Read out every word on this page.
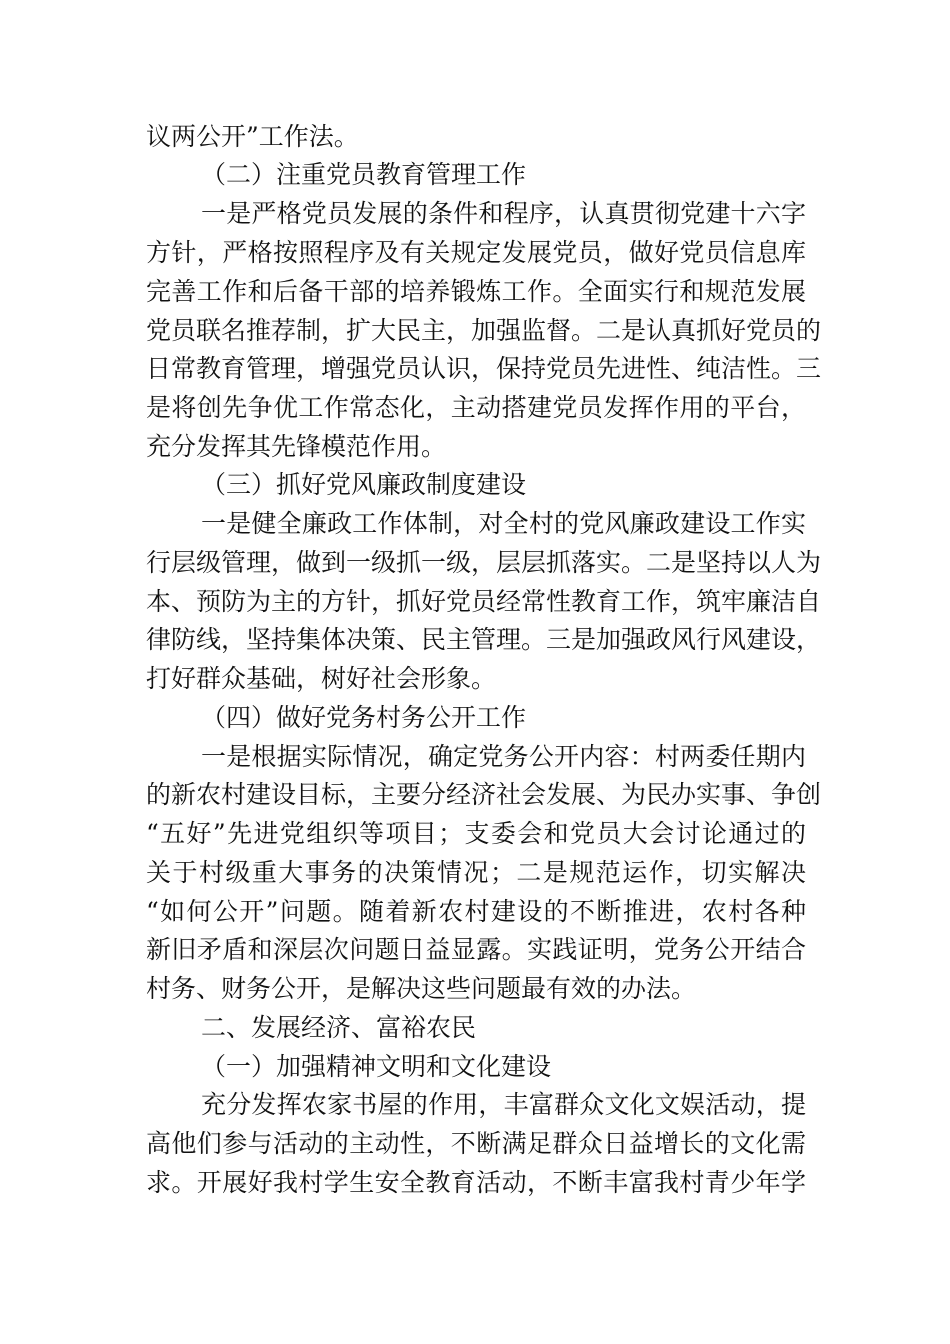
议两公开”工作法。
（二）注重党员教育管理工作
一是严格党员发展的条件和程序，认真贯彻党建十六字
方针，严格按照程序及有关规定发展党员，做好党员信息库
完善工作和后备干部的培养锻炼工作。全面实行和规范发展
党员联名推荐制，扩大民主，加强监督。二是认真抓好党员的
日常教育管理，增强党员认识，保持党员先进性、纯洁性。三
是将创先争优工作常态化，主动搭建党员发挥作用的平台，
充分发挥其先锋模范作用。
（三）抓好党风廉政制度建设
一是健全廉政工作体制，对全村的党风廉政建设工作实
行层级管理，做到一级抓一级，层层抓落实。二是坚持以人为
本、预防为主的方针，抓好党员经常性教育工作，筑牢廉洁自
律防线，坚持集体决策、民主管理。三是加强政风行风建设，
打好群众基础，树好社会形象。
（四）做好党务村务公开工作
一是根据实际情况，确定党务公开内容：村两委任期内
的新农村建设目标，主要分经济社会发展、为民办实事、争创
“五好”先进党组织等项目；支委会和党员大会讨论通过的
关于村级重大事务的决策情况；二是规范运作，切实解决
“如何公开”问题。随着新农村建设的不断推进，农村各种
新旧矛盾和深层次问题日益显露。实践证明，党务公开结合
村务、财务公开，是解决这些问题最有效的办法。
二、发展经济、富裕农民
（一）加强精神文明和文化建设
充分发挥农家书屋的作用，丰富群众文化文娱活动，提
高他们参与活动的主动性，不断满足群众日益增长的文化需
求。开展好我村学生安全教育活动，不断丰富我村青少年学
